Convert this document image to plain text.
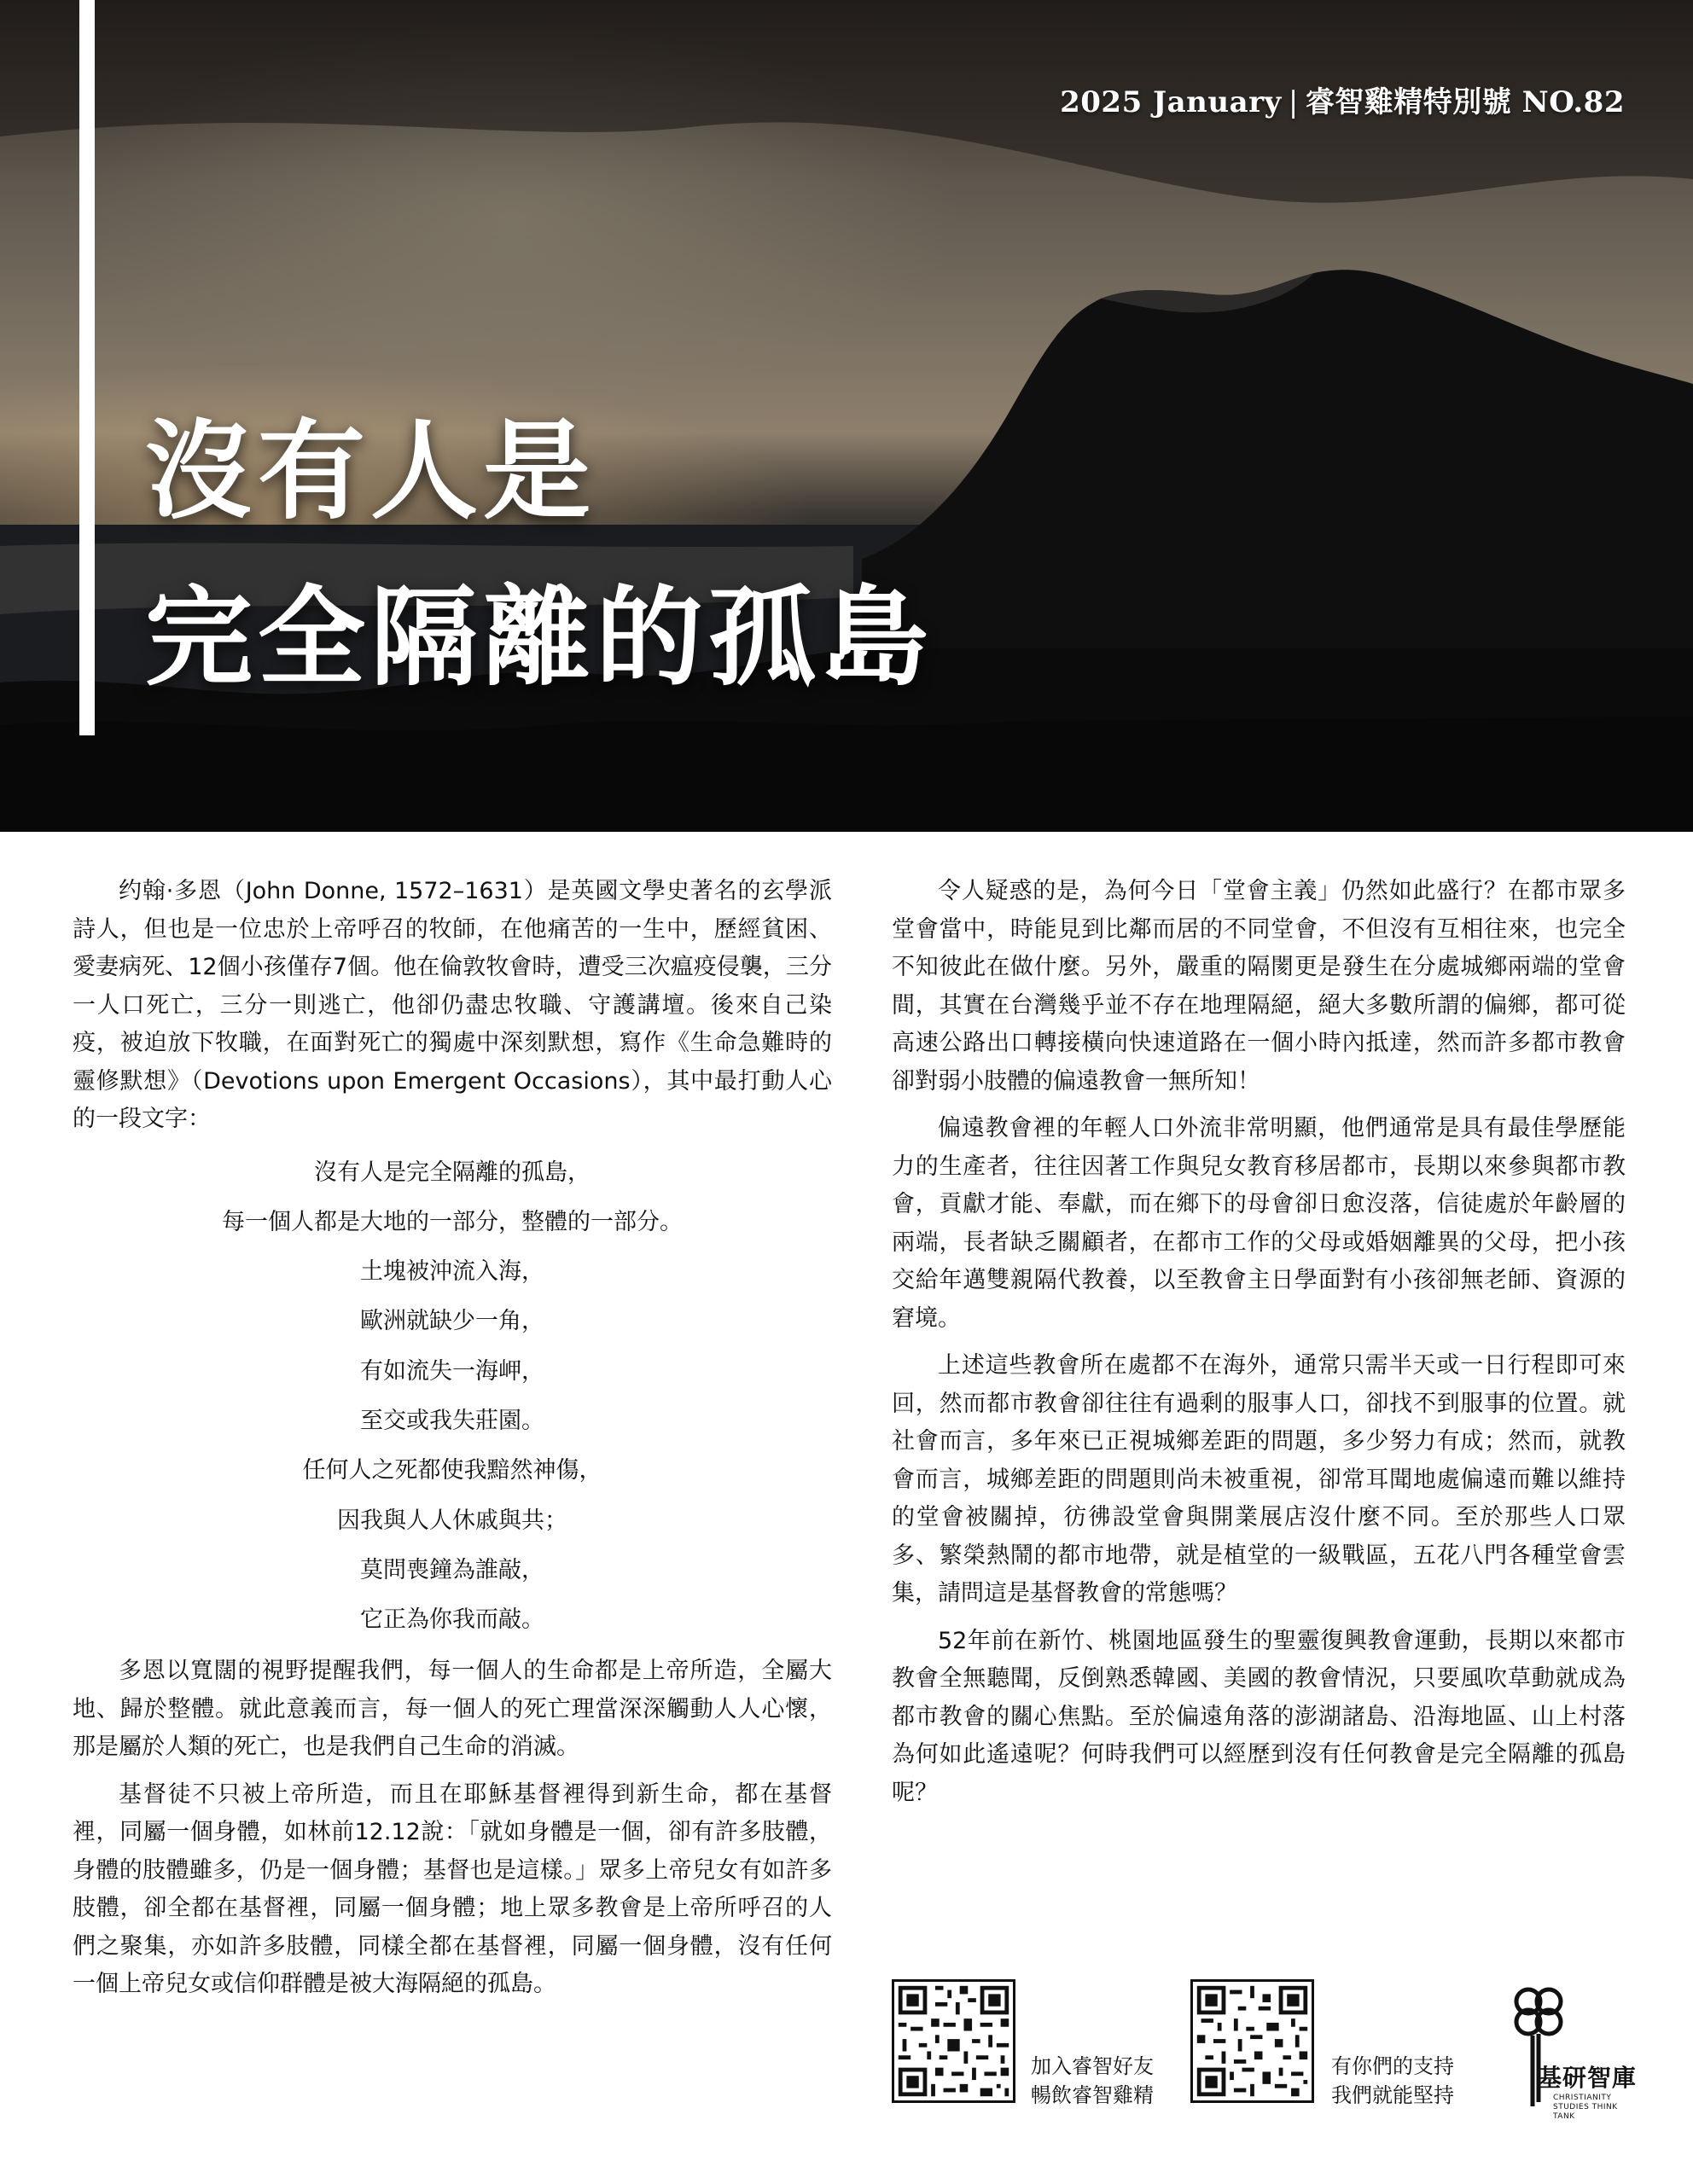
2025 January | 睿智雞精特別號 NO.82
沒有人是
完全隔離的孤島

约翰·多恩（John Donne, 1572–1631）是英國文學史著名的玄學派詩人，但也是一位忠於上帝呼召的牧師，在他痛苦的一生中，歷經貧困、愛妻病死、12個小孩僅存7個。他在倫敦牧會時，遭受三次瘟疫侵襲，三分一人口死亡，三分一則逃亡，他卻仍盡忠牧職、守護講壇。後來自己染疫，被迫放下牧職，在面對死亡的獨處中深刻默想，寫作《生命急難時的靈修默想》（Devotions upon Emergent Occasions），其中最打動人心的一段文字：

沒有人是完全隔離的孤島，
每一個人都是大地的一部分，整體的一部分。
土塊被沖流入海，
歐洲就缺少一角，
有如流失一海岬，
至交或我失莊園。
任何人之死都使我黯然神傷，
因我與人人休戚與共；
莫問喪鐘為誰敲，
它正為你我而敲。

多恩以寬闊的視野提醒我們，每一個人的生命都是上帝所造，全屬大地、歸於整體。就此意義而言，每一個人的死亡理當深深觸動人人心懷，那是屬於人類的死亡，也是我們自己生命的消滅。

基督徒不只被上帝所造，而且在耶穌基督裡得到新生命，都在基督裡，同屬一個身體，如林前12.12說：「就如身體是一個，卻有許多肢體，身體的肢體雖多，仍是一個身體；基督也是這樣。」眾多上帝兒女有如許多肢體，卻全都在基督裡，同屬一個身體；地上眾多教會是上帝所呼召的人們之聚集，亦如許多肢體，同樣全都在基督裡，同屬一個身體，沒有任何一個上帝兒女或信仰群體是被大海隔絕的孤島。

令人疑惑的是，為何今日「堂會主義」仍然如此盛行？在都市眾多堂會當中，時能見到比鄰而居的不同堂會，不但沒有互相往來，也完全不知彼此在做什麼。另外，嚴重的隔閡更是發生在分處城鄉兩端的堂會間，其實在台灣幾乎並不存在地理隔絕，絕大多數所謂的偏鄉，都可從高速公路出口轉接橫向快速道路在一個小時內抵達，然而許多都市教會卻對弱小肢體的偏遠教會一無所知！

偏遠教會裡的年輕人口外流非常明顯，他們通常是具有最佳學歷能力的生產者，往往因著工作與兒女教育移居都市，長期以來參與都市教會，貢獻才能、奉獻，而在鄉下的母會卻日愈沒落，信徒處於年齡層的兩端，長者缺乏關顧者，在都市工作的父母或婚姻離異的父母，把小孩交給年邁雙親隔代教養，以至教會主日學面對有小孩卻無老師、資源的窘境。

上述這些教會所在處都不在海外，通常只需半天或一日行程即可來回，然而都市教會卻往往有過剩的服事人口，卻找不到服事的位置。就社會而言，多年來已正視城鄉差距的問題，多少努力有成；然而，就教會而言，城鄉差距的問題則尚未被重視，卻常耳聞地處偏遠而難以維持的堂會被關掉，彷彿設堂會與開業展店沒什麼不同。至於那些人口眾多、繁榮熱鬧的都市地帶，就是植堂的一級戰區，五花八門各種堂會雲集，請問這是基督教會的常態嗎？

52年前在新竹、桃園地區發生的聖靈復興教會運動，長期以來都市教會全無聽聞，反倒熟悉韓國、美國的教會情況，只要風吹草動就成為都市教會的關心焦點。至於偏遠角落的澎湖諸島、沿海地區、山上村落為何如此遙遠呢？何時我們可以經歷到沒有任何教會是完全隔離的孤島呢？

加入睿智好友
暢飲睿智雞精
有你們的支持
我們就能堅持
基研智庫
CHRISTIANITY STUDIES THINK TANK
